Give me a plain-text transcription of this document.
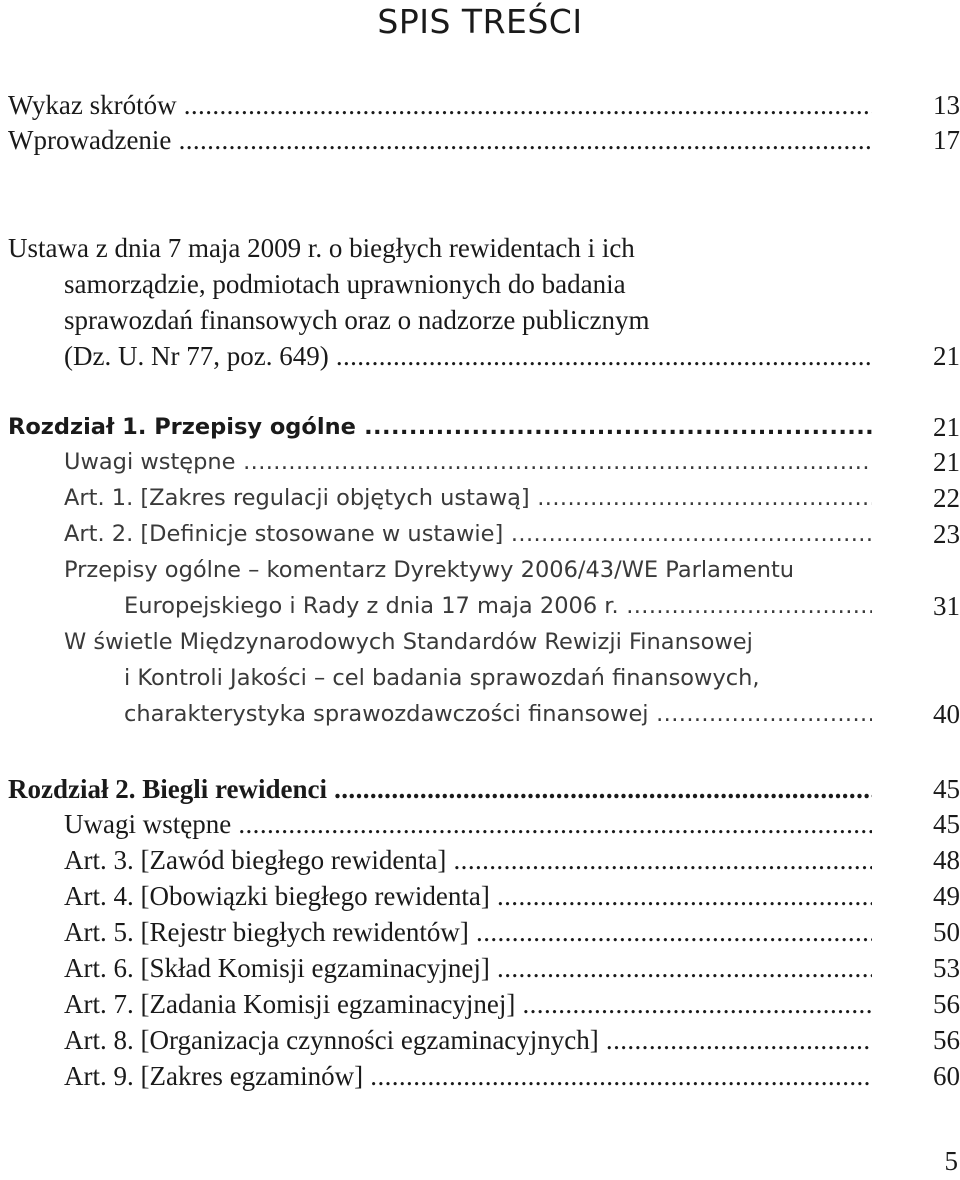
SPIS TREŚCI
Wykaz skrótów .....	13
Wprowadzenie .....	17
Ustawa z dnia 7 maja 2009 r. o biegłych rewidentach i ich
samorządzie, podmiotach uprawnionych do badania
sprawozdań finansowych oraz o nadzorze publicznym
(Dz. U. Nr 77, poz. 649) .....	21
Rozdział 1. Przepisy ogólne .....	21
Uwagi wstępne .....	21
Art. 1. [Zakres regulacji objętych ustawą] .....	22
Art. 2. [Definicje stosowane w ustawie] .....	23
Przepisy ogólne – komentarz Dyrektywy 2006/43/WE Parlamentu
Europejskiego i Rady z dnia 17 maja 2006 r. .....	31
W świetle Międzynarodowych Standardów Rewizji Finansowej
i Kontroli Jakości – cel badania sprawozdań finansowych,
charakterystyka sprawozdawczości finansowej .....	40
Rozdział 2. Biegli rewidenci .....	45
Uwagi wstępne .....	45
Art. 3. [Zawód biegłego rewidenta] .....	48
Art. 4. [Obowiązki biegłego rewidenta] .....	49
Art. 5. [Rejestr biegłych rewidentów] .....	50
Art. 6. [Skład Komisji egzaminacyjnej] .....	53
Art. 7. [Zadania Komisji egzaminacyjnej] .....	56
Art. 8. [Organizacja czynności egzaminacyjnych] .....	56
Art. 9. [Zakres egzaminów] .....	60
5
